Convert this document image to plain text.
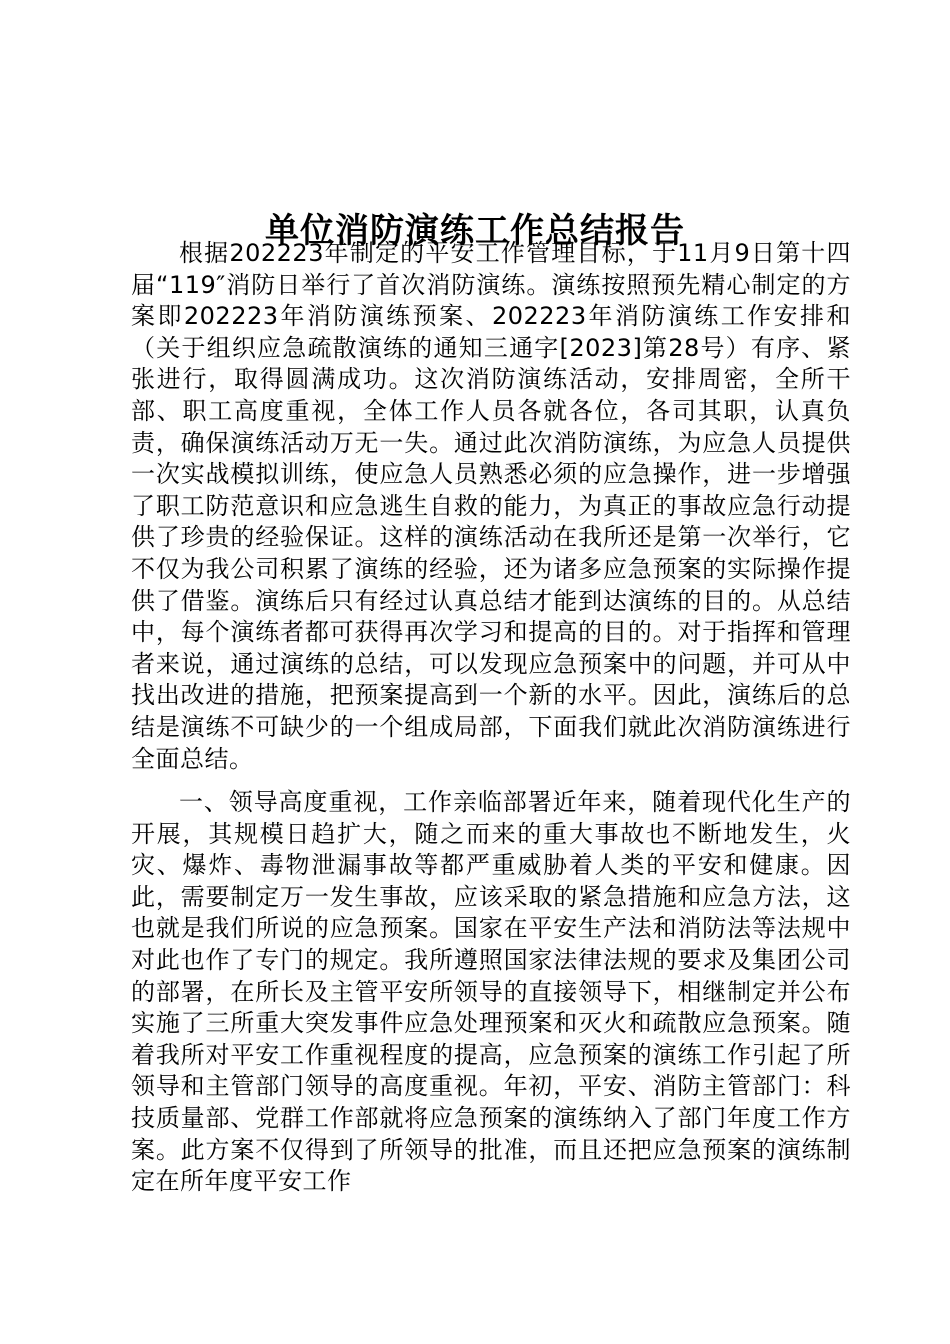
单位消防演练工作总结报告

根据202223年制定的平安工作管理目标，于11月9日第十四届“119″消防日举行了首次消防演练。演练按照预先精心制定的方案即202223年消防演练预案、202223年消防演练工作安排和（关于组织应急疏散演练的通知三通字[2023]第28号）有序、紧张进行，取得圆满成功。这次消防演练活动，安排周密，全所干部、职工高度重视，全体工作人员各就各位，各司其职，认真负责，确保演练活动万无一失。通过此次消防演练，为应急人员提供一次实战模拟训练，使应急人员熟悉必须的应急操作，进一步增强了职工防范意识和应急逃生自救的能力，为真正的事故应急行动提供了珍贵的经验保证。这样的演练活动在我所还是第一次举行，它不仅为我公司积累了演练的经验，还为诸多应急预案的实际操作提供了借鉴。演练后只有经过认真总结才能到达演练的目的。从总结中，每个演练者都可获得再次学习和提高的目的。对于指挥和管理者来说，通过演练的总结，可以发现应急预案中的问题，并可从中找出改进的措施，把预案提高到一个新的水平。因此，演练后的总结是演练不可缺少的一个组成局部，下面我们就此次消防演练进行全面总结。

一、领导高度重视，工作亲临部署近年来，随着现代化生产的开展，其规模日趋扩大，随之而来的重大事故也不断地发生，火灾、爆炸、毒物泄漏事故等都严重威胁着人类的平安和健康。因此，需要制定万一发生事故，应该采取的紧急措施和应急方法，这也就是我们所说的应急预案。国家在平安生产法和消防法等法规中对此也作了专门的规定。我所遵照国家法律法规的要求及集团公司的部署，在所长及主管平安所领导的直接领导下，相继制定并公布实施了三所重大突发事件应急处理预案和灭火和疏散应急预案。随着我所对平安工作重视程度的提高，应急预案的演练工作引起了所领导和主管部门领导的高度重视。年初，平安、消防主管部门：科技质量部、党群工作部就将应急预案的演练纳入了部门年度工作方案。此方案不仅得到了所领导的批准，而且还把应急预案的演练制定在所年度平安工作
